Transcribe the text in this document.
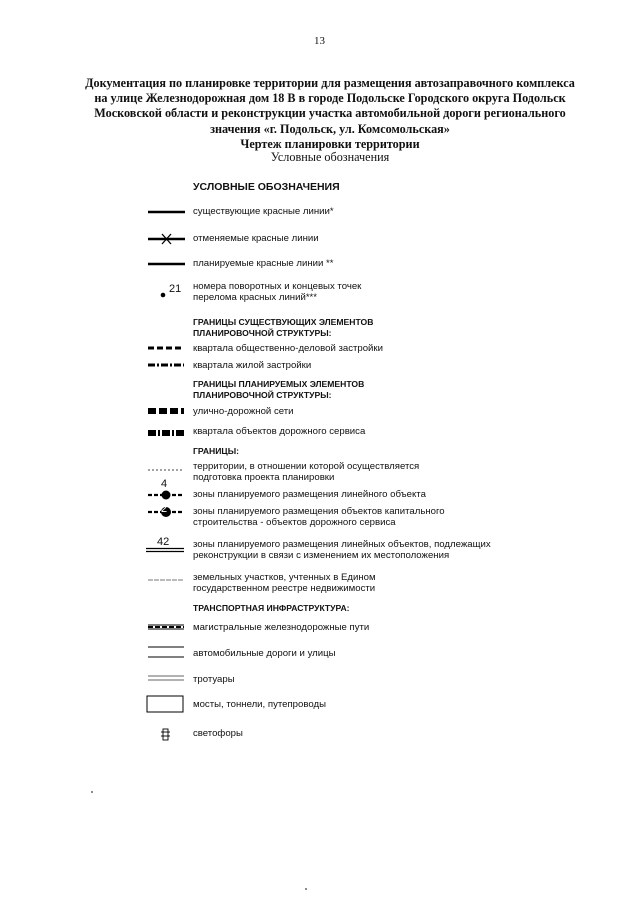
13
Документация по планировке территории для размещения автозаправочного комплекса
на улице Железнодорожная дом 18 В в городе Подольске Городского округа Подольск
Московской области и реконструкции участка автомобильной дороги регионального
значения «г. Подольск, ул. Комсомольская»
Чертеж планировки территории
Условные обозначения
УСЛОВНЫЕ ОБОЗНАЧЕНИЯ
существующие красные линии*
отменяемые красные линии
планируемые красные линии **
21 номера поворотных и концевых точек
перелома красных линий***
ГРАНИЦЫ СУЩЕСТВУЮЩИХ ЭЛЕМЕНТОВ
ПЛАНИРОВОЧНОЙ СТРУКТУРЫ:
квартала общественно-деловой застройки
квартала жилой застройки
ГРАНИЦЫ ПЛАНИРУЕМЫХ ЭЛЕМЕНТОВ
ПЛАНИРОВОЧНОЙ СТРУКТУРЫ:
улично-дорожной сети
квартала объектов дорожного сервиса
ГРАНИЦЫ:
территории, в отношении которой осуществляется
подготовка проекта планировки
4
зоны планируемого размещения линейного объекта
2	зоны планируемого размещения объектов капитального
строительства - объектов дорожного сервиса
42 зоны планируемого размещения линейных объектов, подлежащих
реконструкции в связи с изменением их местоположения
земельных участков, учтенных в Едином
государственном реестре недвижимости
ТРАНСПОРТНАЯ ИНФРАСТРУКТУРА:
магистральные железнодорожные пути
автомобильные дороги и улицы
тротуары
мосты, тоннели, путепроводы
светофоры
